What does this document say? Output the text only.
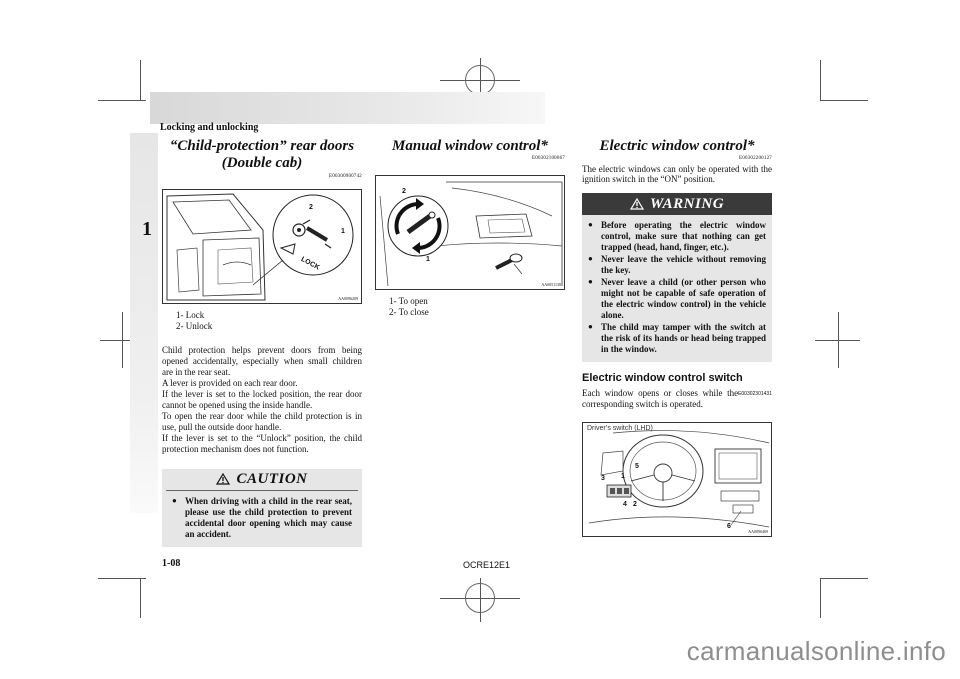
Locking and unlocking
1
“Child-protection” rear doors
(Double cab)
E00300900742
2
1
LOCK
AA0096209
1- Lock
2- Unlock

Child protection helps prevent doors from being opened accidentally, especially when small children are in the rear seat.

A lever is provided on each rear door.

If the lever is set to the locked position, the rear door cannot be opened using the inside handle.

To open the rear door while the child protection is in use, pull the outside door handle.

If the lever is set to the “Unlock” position, the child protection mechanism does not function.

CAUTION
● When driving with a child in the rear seat, please use the child protection to prevent accidental door opening which may cause an accident.
Manual window control*
E00302100067
2
1
AA0051130
1- To open
2- To close
Electric window control*
E00302200127

The electric windows can only be operated with the ignition switch in the “ON” position.

WARNING
● Before operating the electric window control, make sure that nothing can get trapped (head, hand, finger, etc.).
● Never leave the vehicle without removing the key.
● Never leave a child (or other person who might not be capable of safe operation of the electric window control) in the vehicle alone.
● The child may tamper with the switch at the risk of its hands or head being trapped in the window.
Electric window control switch
E00302301431

Each window opens or closes while the corresponding switch is operated.

Driver’s switch (LHD)
3 1
5
4 2
6
AA0096469
1-08	OCRE12E1
carmanualsonline.info
